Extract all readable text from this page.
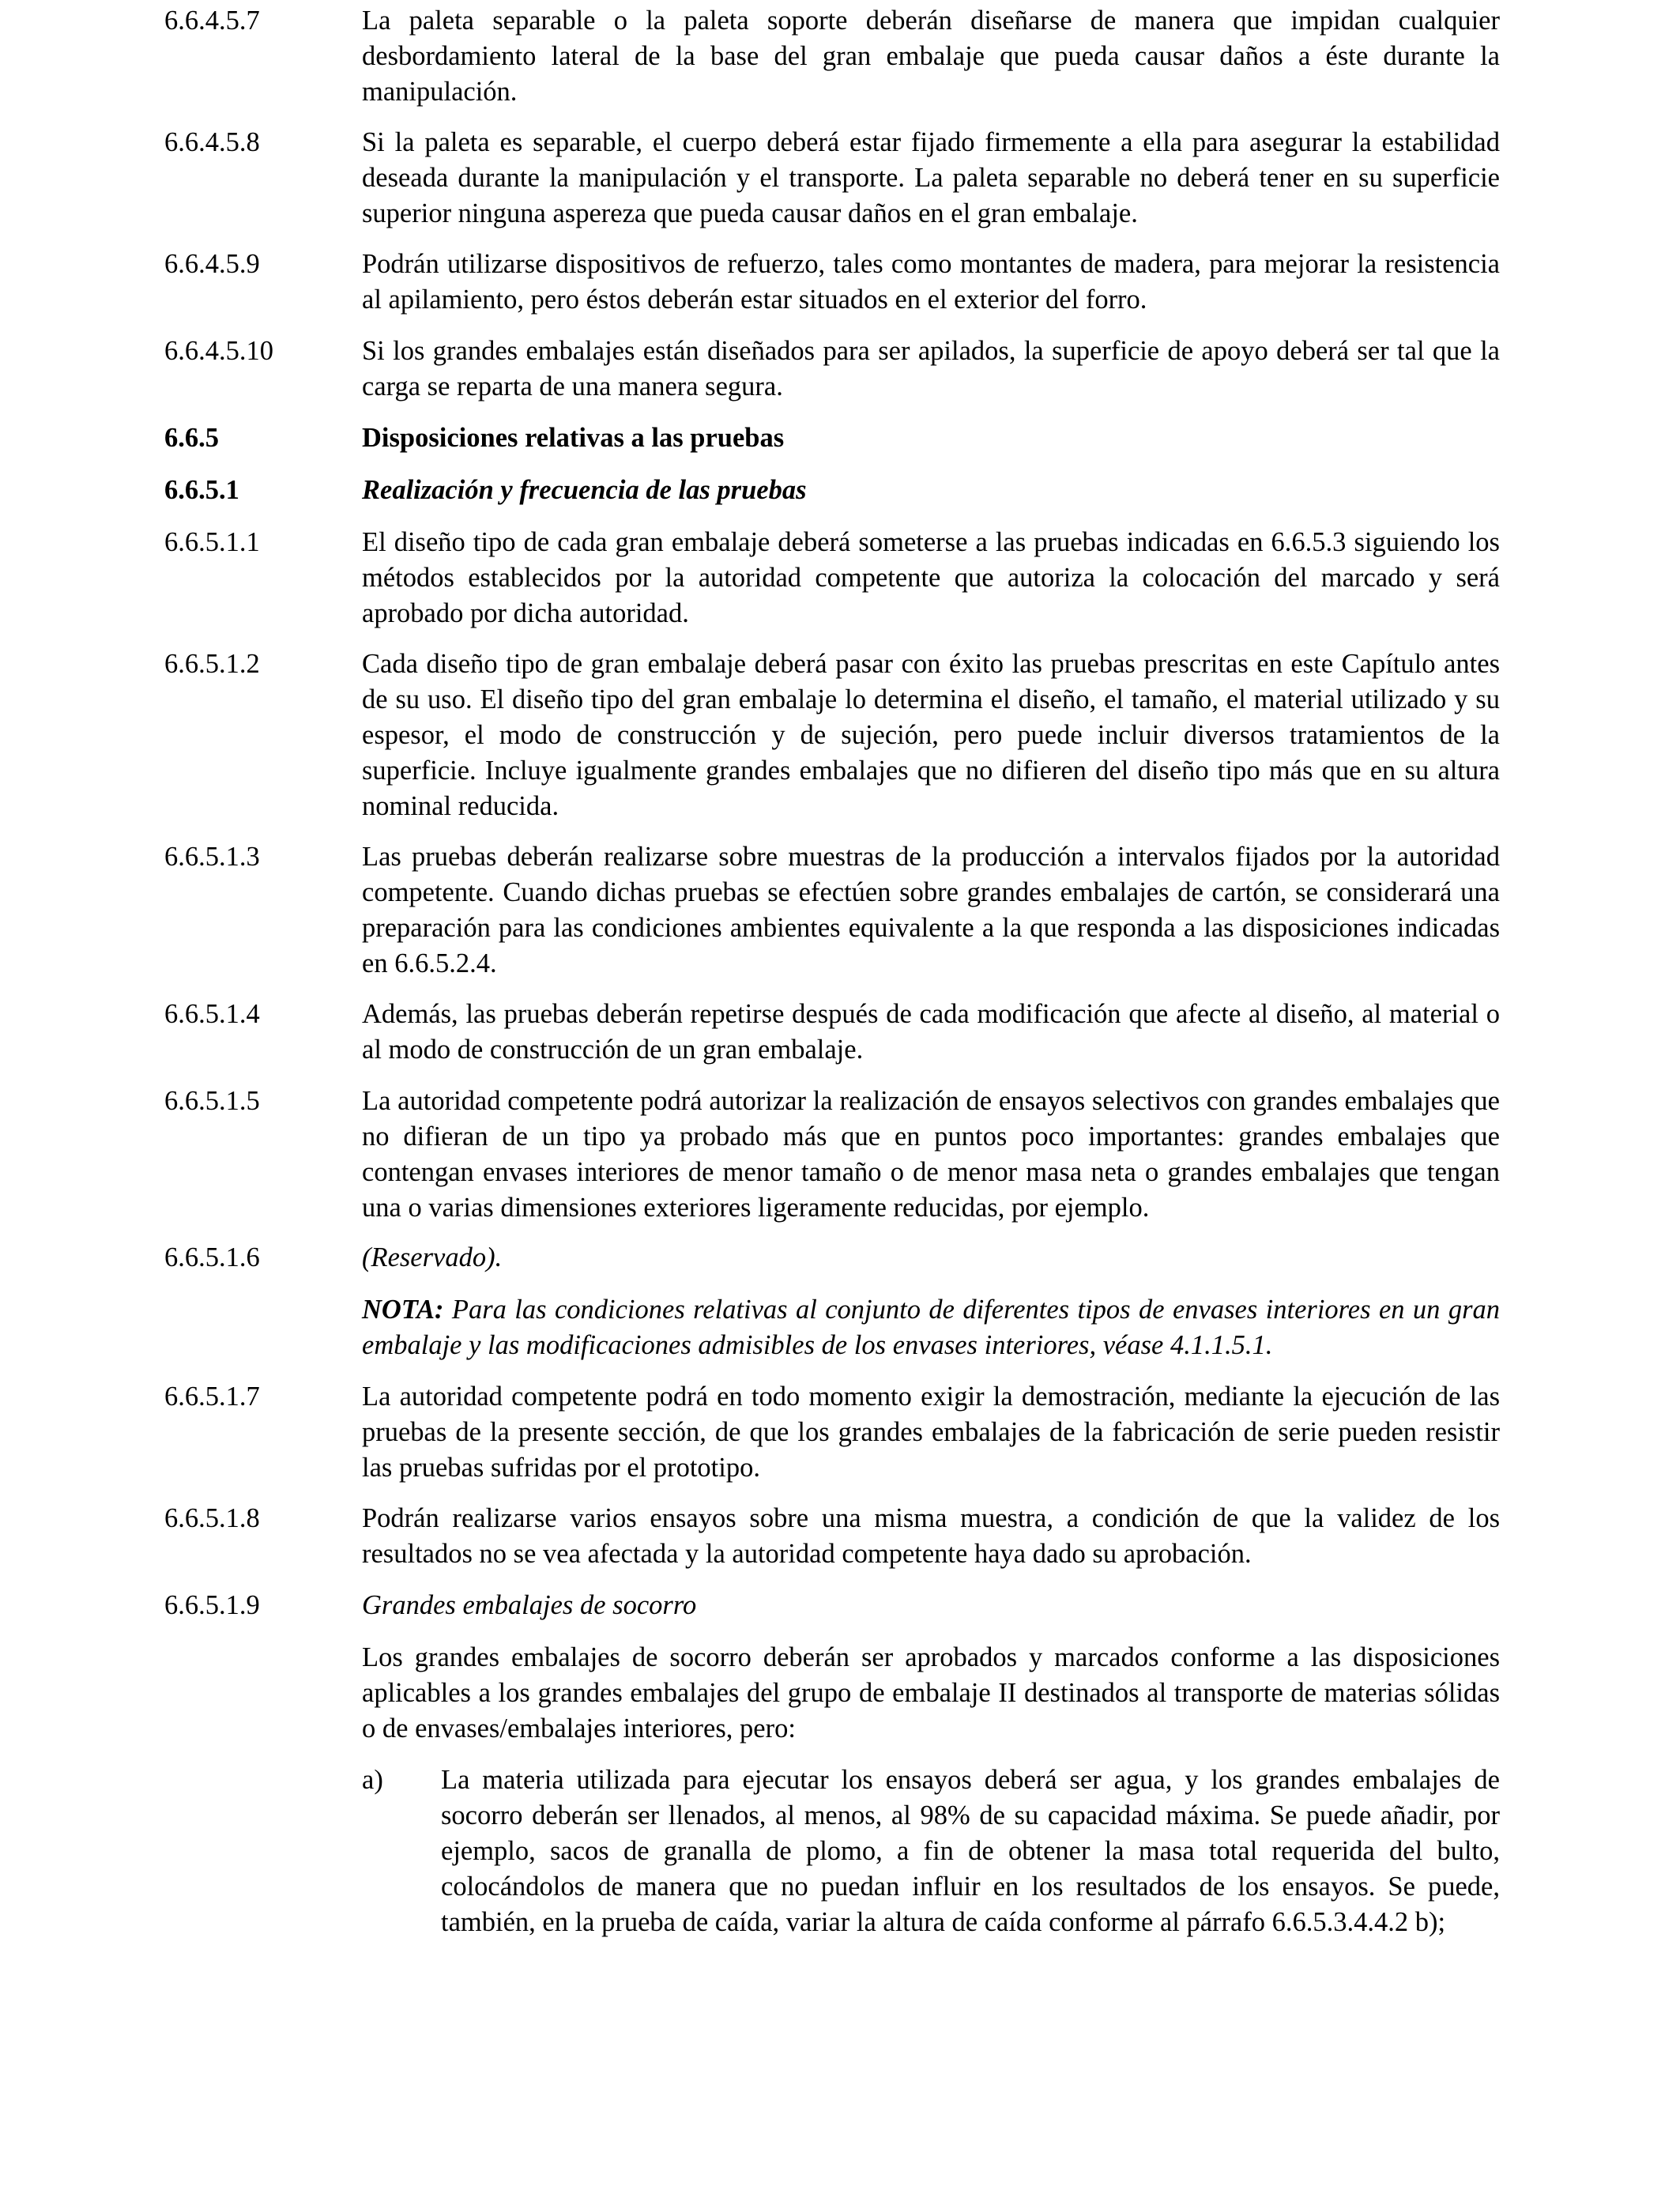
6.6.4.5.7	La paleta separable o la paleta soporte deberán diseñarse de manera que impidan cualquier desbordamiento lateral de la base del gran embalaje que pueda causar daños a éste durante la manipulación.
6.6.4.5.8	Si la paleta es separable, el cuerpo deberá estar fijado firmemente a ella para asegurar la estabilidad deseada durante la manipulación y el transporte. La paleta separable no deberá tener en su superficie superior ninguna aspereza que pueda causar daños en el gran embalaje.
6.6.4.5.9	Podrán utilizarse dispositivos de refuerzo, tales como montantes de madera, para mejorar la resistencia al apilamiento, pero éstos deberán estar situados en el exterior del forro.
6.6.4.5.10	Si los grandes embalajes están diseñados para ser apilados, la superficie de apoyo deberá ser tal que la carga se reparta de una manera segura.
6.6.5	Disposiciones relativas a las pruebas
6.6.5.1	Realización y frecuencia de las pruebas
6.6.5.1.1	El diseño tipo de cada gran embalaje deberá someterse a las pruebas indicadas en 6.6.5.3 siguiendo los métodos establecidos por la autoridad competente que autoriza la colocación del marcado y será aprobado por dicha autoridad.
6.6.5.1.2	Cada diseño tipo de gran embalaje deberá pasar con éxito las pruebas prescritas en este Capítulo antes de su uso. El diseño tipo del gran embalaje lo determina el diseño, el tamaño, el material utilizado y su espesor, el modo de construcción y de sujeción, pero puede incluir diversos tratamientos de la superficie. Incluye igualmente grandes embalajes que no difieren del diseño tipo más que en su altura nominal reducida.
6.6.5.1.3	Las pruebas deberán realizarse sobre muestras de la producción a intervalos fijados por la autoridad competente. Cuando dichas pruebas se efectúen sobre grandes embalajes de cartón, se considerará una preparación para las condiciones ambientes equivalente a la que responda a las disposiciones indicadas en 6.6.5.2.4.
6.6.5.1.4	Además, las pruebas deberán repetirse después de cada modificación que afecte al diseño, al material o al modo de construcción de un gran embalaje.
6.6.5.1.5	La autoridad competente podrá autorizar la realización de ensayos selectivos con grandes embalajes que no difieran de un tipo ya probado más que en puntos poco importantes: grandes embalajes que contengan envases interiores de menor tamaño o de menor masa neta o grandes embalajes que tengan una o varias dimensiones exteriores ligeramente reducidas, por ejemplo.
6.6.5.1.6	(Reservado).
NOTA: Para las condiciones relativas al conjunto de diferentes tipos de envases interiores en un gran embalaje y las modificaciones admisibles de los envases interiores, véase 4.1.1.5.1.
6.6.5.1.7	La autoridad competente podrá en todo momento exigir la demostración, mediante la ejecución de las pruebas de la presente sección, de que los grandes embalajes de la fabricación de serie pueden resistir las pruebas sufridas por el prototipo.
6.6.5.1.8	Podrán realizarse varios ensayos sobre una misma muestra, a condición de que la validez de los resultados no se vea afectada y la autoridad competente haya dado su aprobación.
6.6.5.1.9	Grandes embalajes de socorro
Los grandes embalajes de socorro deberán ser aprobados y marcados conforme a las disposiciones aplicables a los grandes embalajes del grupo de embalaje II destinados al transporte de materias sólidas o de envases/embalajes interiores, pero:
a)	La materia utilizada para ejecutar los ensayos deberá ser agua, y los grandes embalajes de socorro deberán ser llenados, al menos, al 98% de su capacidad máxima. Se puede añadir, por ejemplo, sacos de granalla de plomo, a fin de obtener la masa total requerida del bulto, colocándolos de manera que no puedan influir en los resultados de los ensayos. Se puede, también, en la prueba de caída, variar la altura de caída conforme al párrafo 6.6.5.3.4.4.2 b);
